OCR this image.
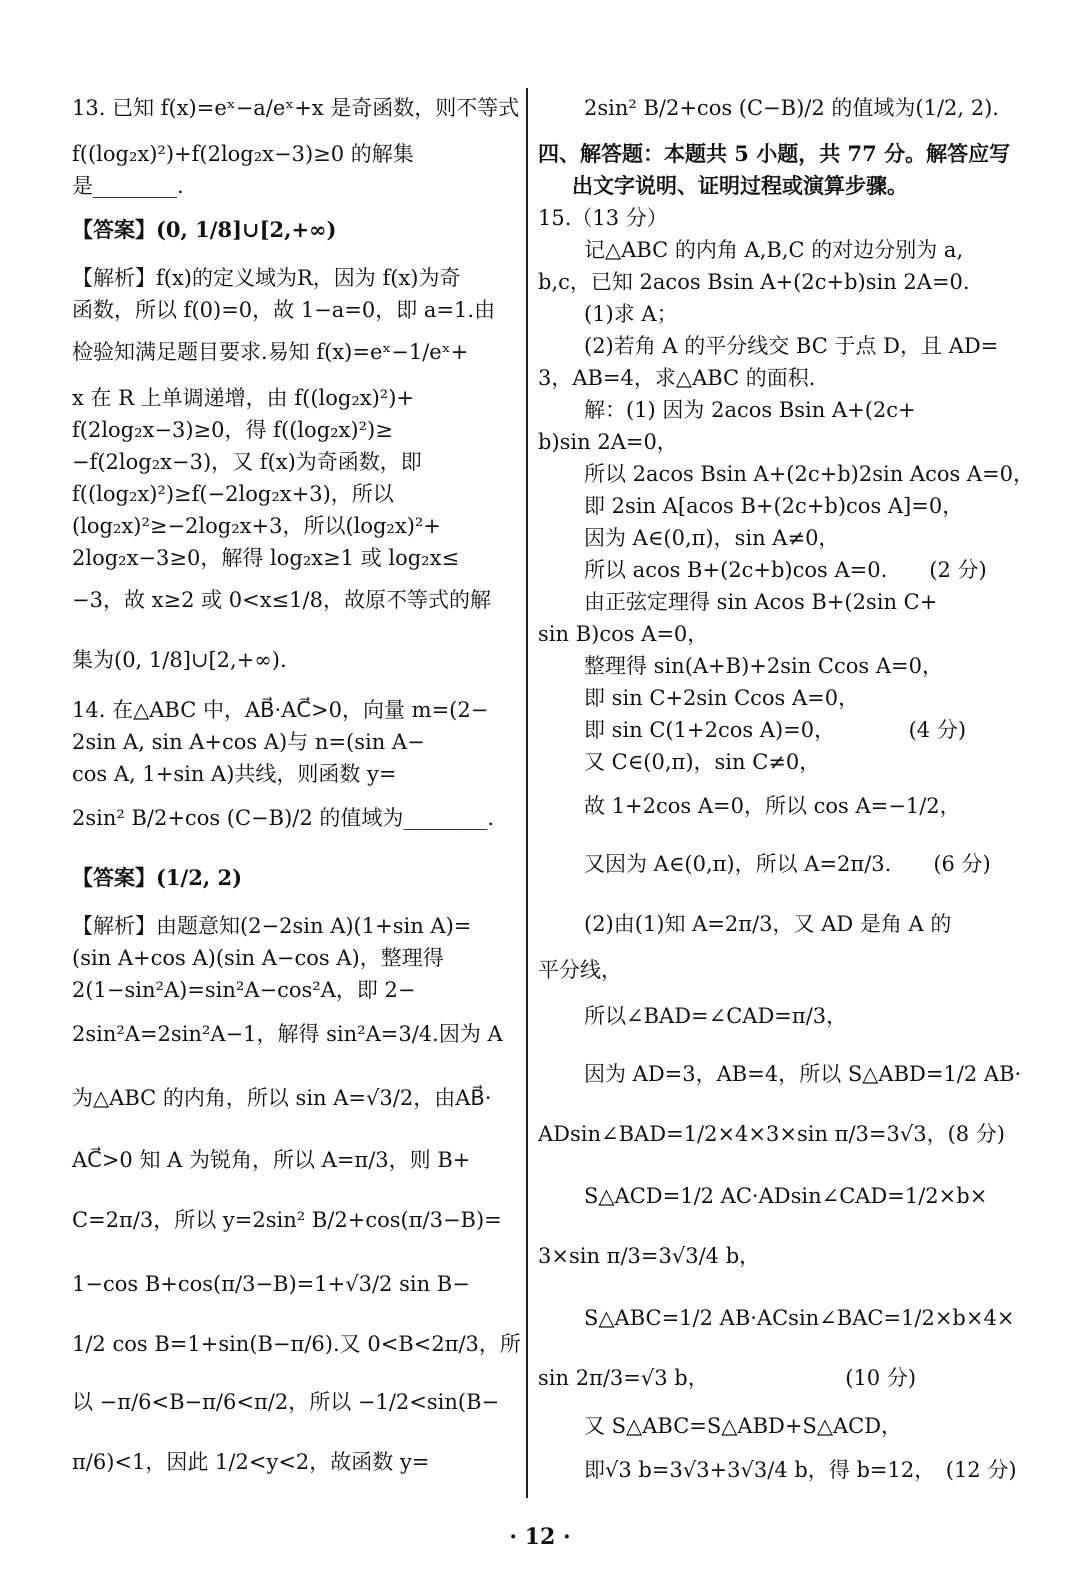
13. 已知 f(x)=eˣ−a/eˣ+x 是奇函数，则不等式
f((log₂x)²)+f(2log₂x−3)≥0 的解集
是________.
【答案】(0, 1/8]∪[2,+∞)
【解析】f(x)的定义域为R，因为 f(x)为奇
函数，所以 f(0)=0，故 1−a=0，即 a=1.由
检验知满足题目要求.易知 f(x)=eˣ−1/eˣ+
x 在 R 上单调递增，由 f((log₂x)²)+
f(2log₂x−3)≥0，得 f((log₂x)²)≥
−f(2log₂x−3)，又 f(x)为奇函数，即
f((log₂x)²)≥f(−2log₂x+3)，所以
(log₂x)²≥−2log₂x+3，所以(log₂x)²+
2log₂x−3≥0，解得 log₂x≥1 或 log₂x≤
−3，故 x≥2 或 0<x≤1/8，故原不等式的解
集为(0, 1/8]∪[2,+∞).
14. 在△ABC 中，AB⃗·AC⃗>0，向量 m=(2−
2sin A, sin A+cos A)与 n=(sin A−
cos A, 1+sin A)共线，则函数 y=
2sin² B/2+cos (C−B)/2 的值域为________.
【答案】(1/2, 2)
【解析】由题意知(2−2sin A)(1+sin A)=
(sin A+cos A)(sin A−cos A)，整理得
2(1−sin²A)=sin²A−cos²A，即 2−
2sin²A=2sin²A−1，解得 sin²A=3/4.因为 A
为△ABC 的内角，所以 sin A=√3/2，由AB⃗·
AC⃗>0 知 A 为锐角，所以 A=π/3，则 B+
C=2π/3，所以 y=2sin² B/2+cos(π/3−B)=
1−cos B+cos(π/3−B)=1+√3/2 sin B−
1/2 cos B=1+sin(B−π/6).又 0<B<2π/3，所
以 −π/6<B−π/6<π/2，所以 −1/2<sin(B−
π/6)<1，因此 1/2<y<2，故函数 y=
2sin² B/2+cos (C−B)/2 的值域为(1/2, 2).
四、解答题：本题共 5 小题，共 77 分。解答应写
出文字说明、证明过程或演算步骤。
15.（13 分）
记△ABC 的内角 A,B,C 的对边分别为 a,
b,c，已知 2acos Bsin A+(2c+b)sin 2A=0.
(1)求 A；
(2)若角 A 的平分线交 BC 于点 D，且 AD=
3，AB=4，求△ABC 的面积.
解：(1) 因为 2acos Bsin A+(2c+
b)sin 2A=0，
所以 2acos Bsin A+(2c+b)2sin Acos A=0，
即 2sin A[acos B+(2c+b)cos A]=0，
因为 A∈(0,π)，sin A≠0，
所以 acos B+(2c+b)cos A=0.　　(2 分)
由正弦定理得 sin Acos B+(2sin C+
sin B)cos A=0，
整理得 sin(A+B)+2sin Ccos A=0，
即 sin C+2sin Ccos A=0，
即 sin C(1+2cos A)=0，　　　　(4 分)
又 C∈(0,π)，sin C≠0，
故 1+2cos A=0，所以 cos A=−1/2，
又因为 A∈(0,π)，所以 A=2π/3.　　(6 分)
(2)由(1)知 A=2π/3，又 AD 是角 A 的
平分线，
所以∠BAD=∠CAD=π/3，
因为 AD=3，AB=4，所以 S△ABD=1/2 AB·
ADsin∠BAD=1/2×4×3×sin π/3=3√3，(8 分)
S△ACD=1/2 AC·ADsin∠CAD=1/2×b×
3×sin π/3=3√3/4 b，
S△ABC=1/2 AB·ACsin∠BAC=1/2×b×4×
sin 2π/3=√3 b，　　　　　　　(10 分)
又 S△ABC=S△ABD+S△ACD，
即√3 b=3√3+3√3/4 b，得 b=12，　(12 分)
· 12 ·
